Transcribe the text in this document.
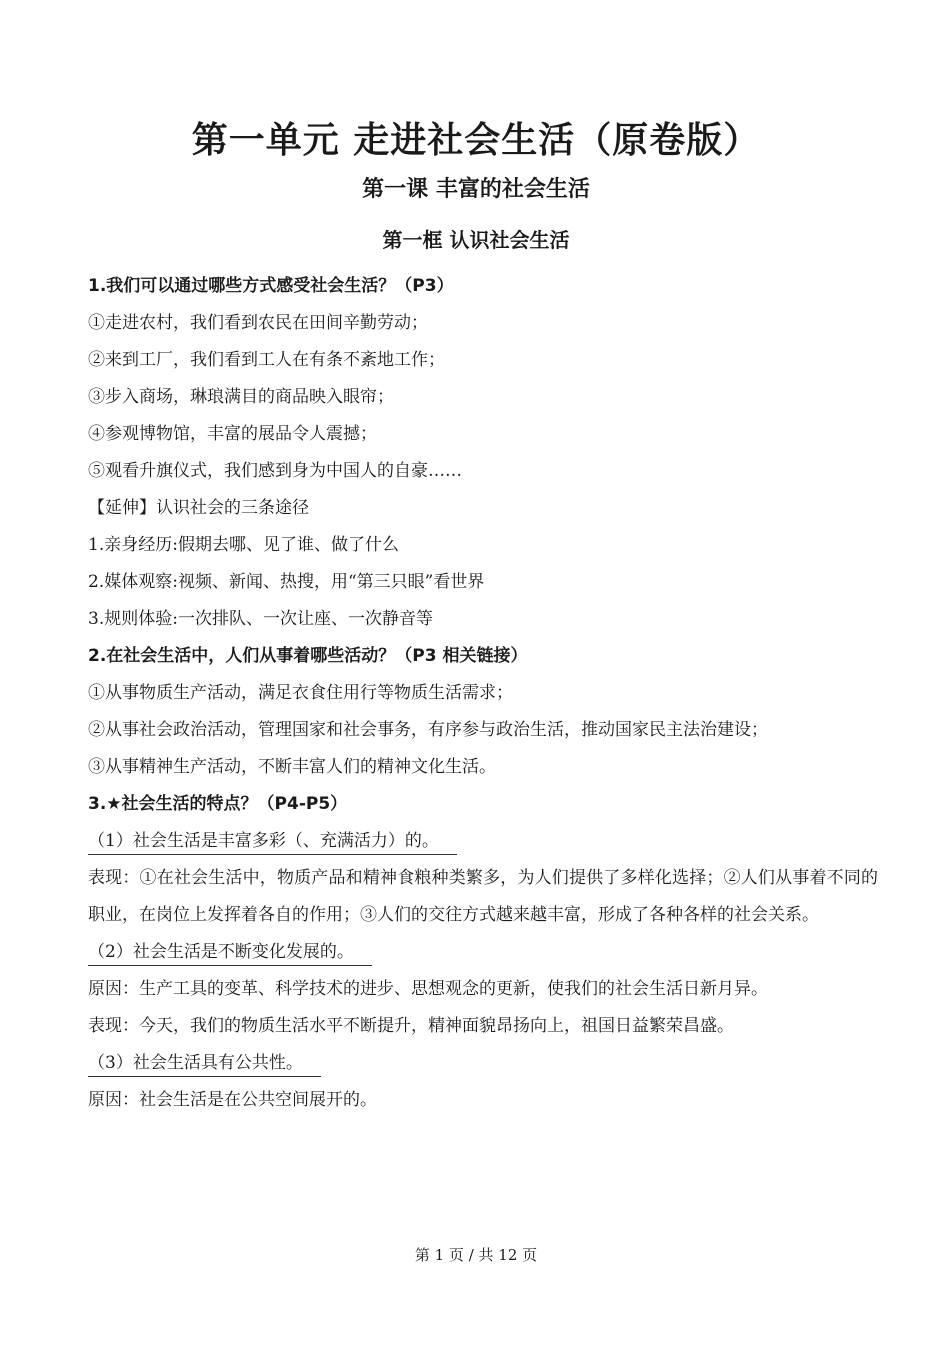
第一单元 走进社会生活（原卷版）
第一课 丰富的社会生活
第一框 认识社会生活
1.我们可以通过哪些方式感受社会生活？（P3）
①走进农村，我们看到农民在田间辛勤劳动；
②来到工厂，我们看到工人在有条不紊地工作；
③步入商场，琳琅满目的商品映入眼帘；
④参观博物馆，丰富的展品令人震撼；
⑤观看升旗仪式，我们感到身为中国人的自豪……
【延伸】认识社会的三条途径
1.亲身经历:假期去哪、见了谁、做了什么
2.媒体观察:视频、新闻、热搜，用“第三只眼”看世界
3.规则体验:一次排队、一次让座、一次静音等
2.在社会生活中，人们从事着哪些活动？（P3 相关链接）
①从事物质生产活动，满足衣食住用行等物质生活需求；
②从事社会政治活动，管理国家和社会事务，有序参与政治生活，推动国家民主法治建设；
③从事精神生产活动，不断丰富人们的精神文化生活。
3.★社会生活的特点？（P4-P5）
（1）社会生活是丰富多彩（、充满活力）的。
表现：①在社会生活中，物质产品和精神食粮种类繁多，为人们提供了多样化选择；②人们从事着不同的职业，在岗位上发挥着各自的作用；③人们的交往方式越来越丰富，形成了各种各样的社会关系。
（2）社会生活是不断变化发展的。
原因：生产工具的变革、科学技术的进步、思想观念的更新，使我们的社会生活日新月异。
表现：今天，我们的物质生活水平不断提升，精神面貌昂扬向上，祖国日益繁荣昌盛。
（3）社会生活具有公共性。
原因：社会生活是在公共空间展开的。
第 1 页 / 共 12 页
